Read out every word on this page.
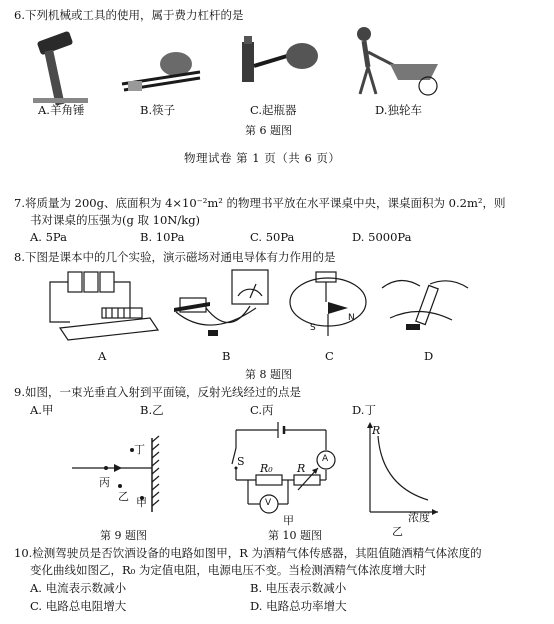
6.下列机械或工具的使用，属于费力杠杆的是
A.羊角锤	B.筷子	C.起瓶器	D.独轮车
第 6 题图
物理试卷 第 1 页（共 6 页）
7.将质量为 200g、底面积为 4×10⁻²m² 的物理书平放在水平课桌中央，课桌面积为 0.2m²，则
书对课桌的压强为(g 取 10N/kg)
A. 5Pa	B. 10Pa	C. 50Pa	D. 5000Pa
8.下图是课本中的几个实验，演示磁场对通电导体有力作用的是
N
S
A	B	C	D
第 8 题图
9.如图，一束光垂直入射到平面镜，反射光线经过的点是
A.甲	B.乙	C.丙	D.丁
丁
丙
乙 甲
第 9 题图
S
R₀ R
A
V
甲
第 10 题图
R
浓度
乙
10.检测驾驶员是否饮酒设备的电路如图甲，R 为酒精气体传感器，其阻值随酒精气体浓度的
变化曲线如图乙，R₀ 为定值电阻，电源电压不变。当检测酒精气体浓度增大时
A. 电流表示数减小	B. 电压表示数减小
C. 电路总电阻增大	D. 电路总功率增大
